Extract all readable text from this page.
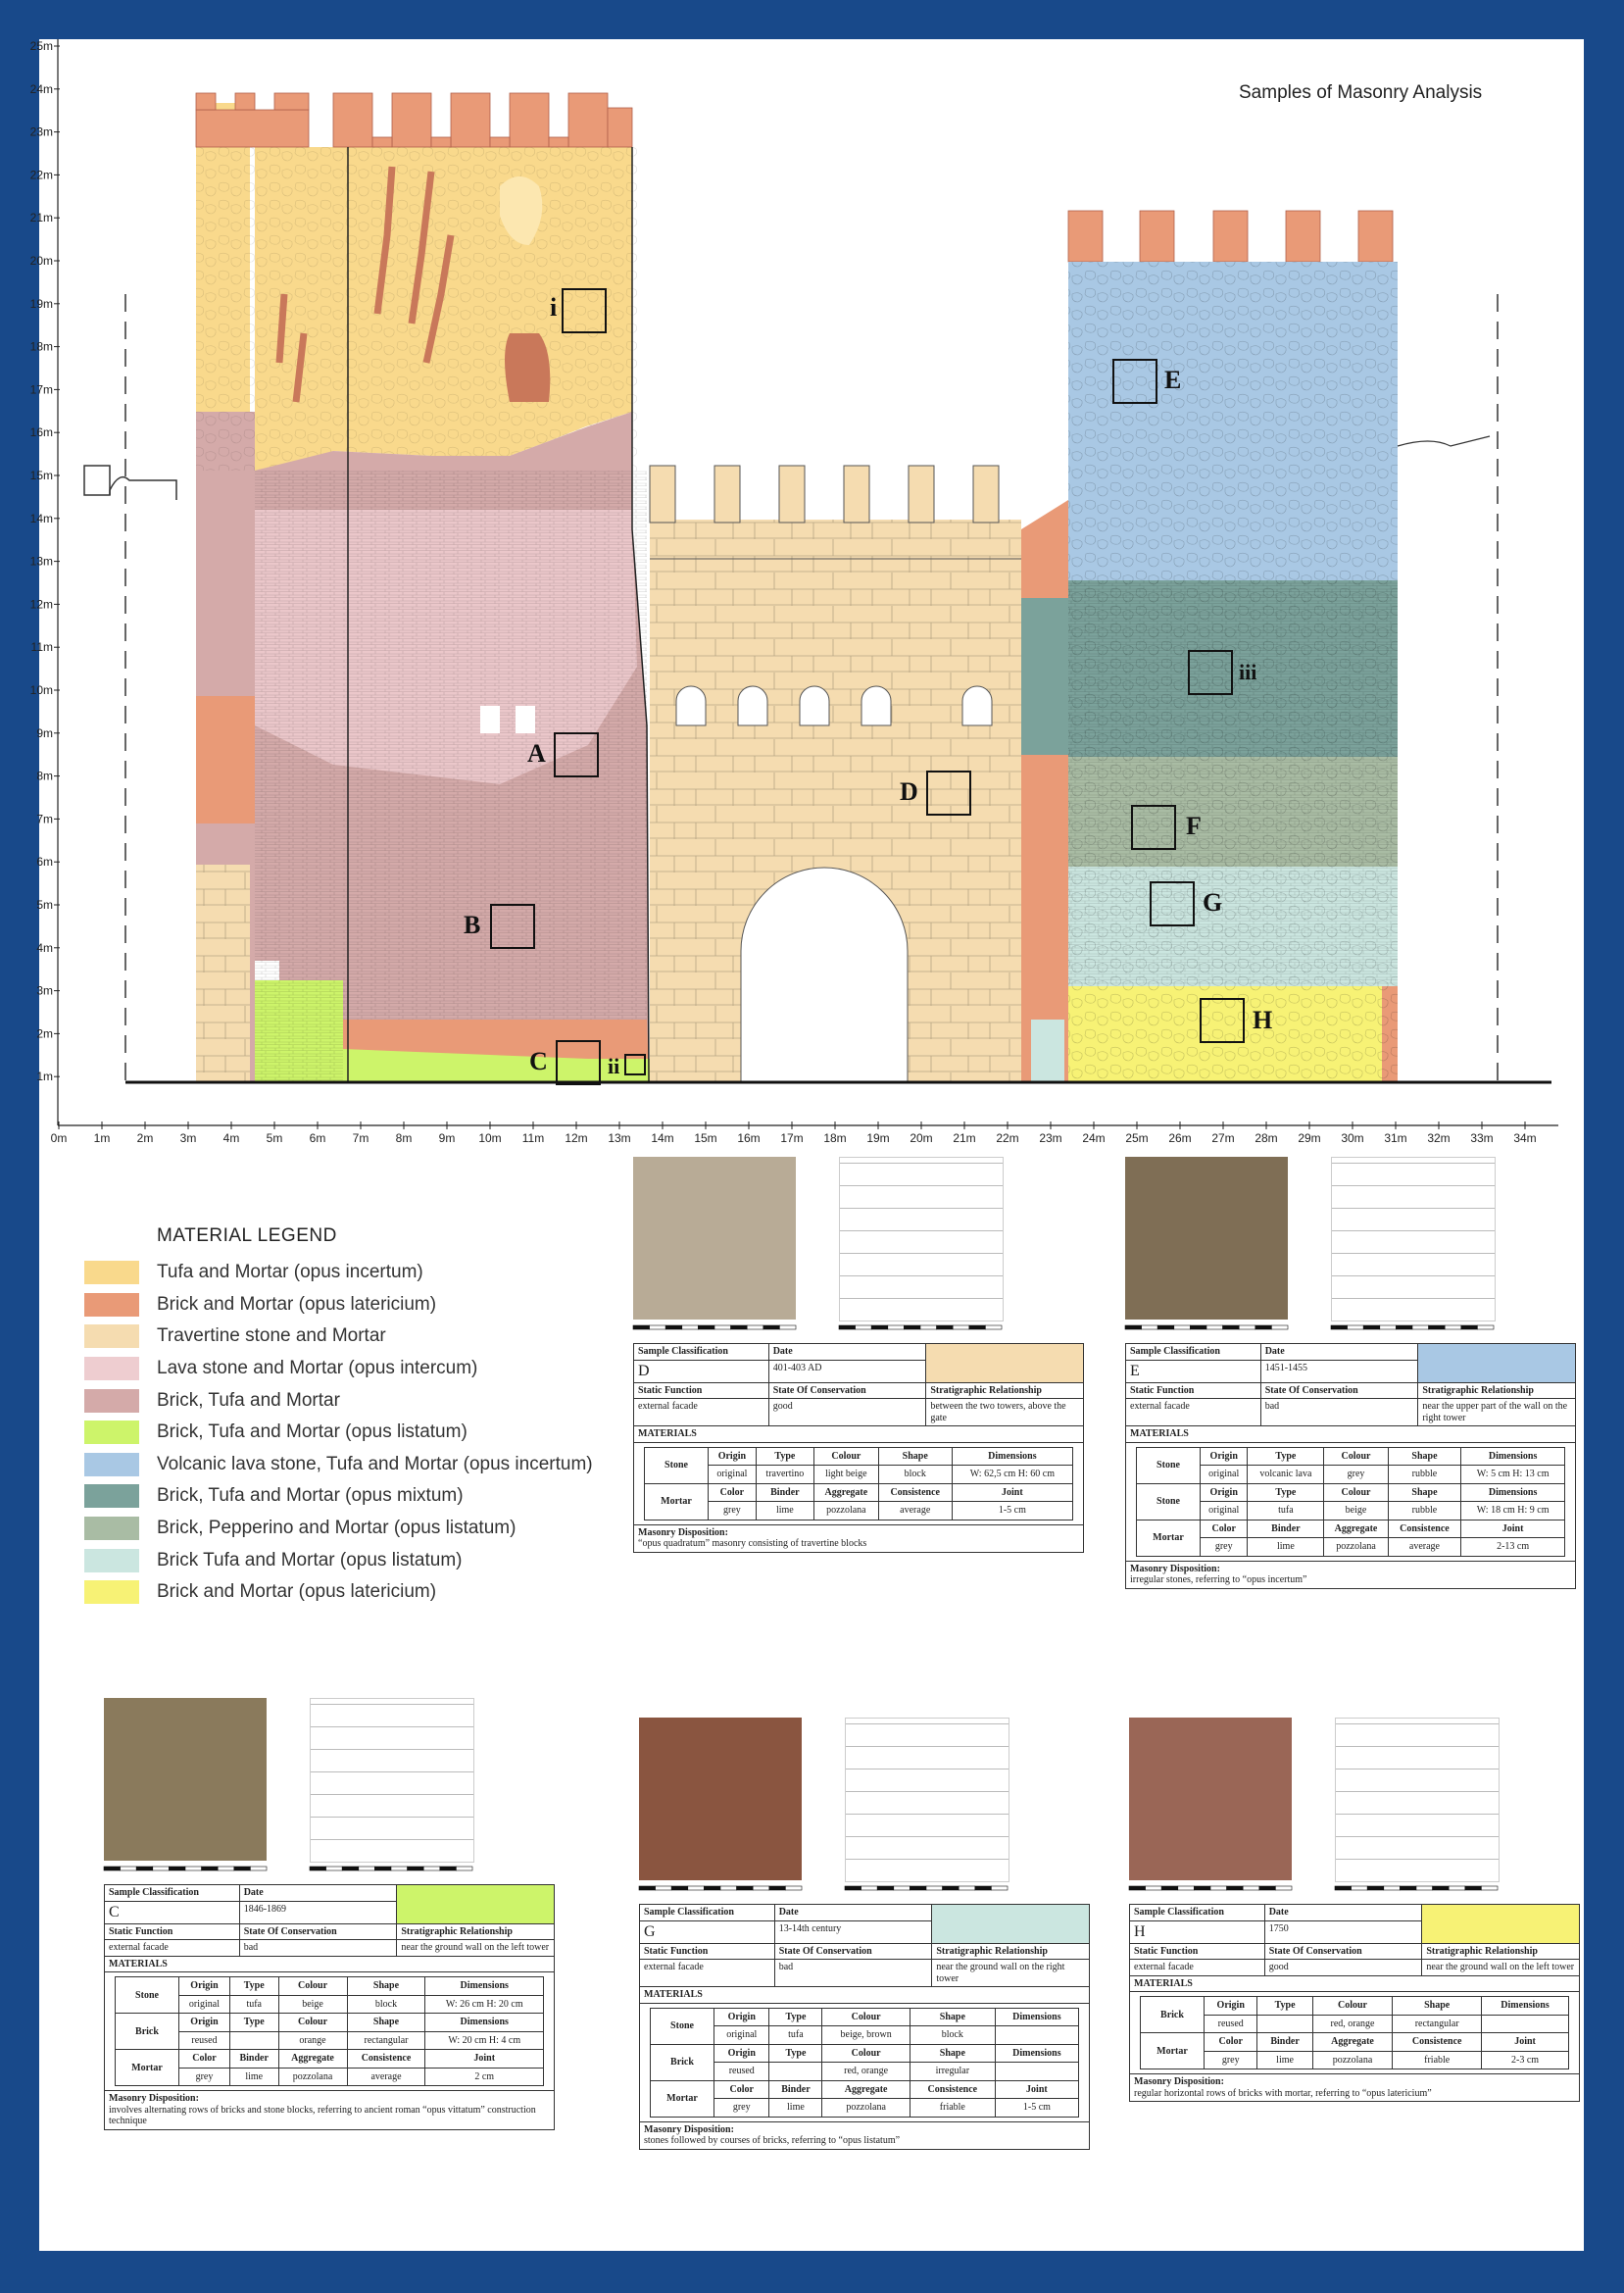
Samples of Masonry Analysis
25m
24m
23m
22m
21m
20m
19m
18m
17m
16m
15m
14m
13m
12m
11m
10m
9m
8m
7m
6m
5m
4m
3m
2m
1m
0m 1m 2m 3m 4m 5m 6m 7m 8m 9m 10m 11m 12m 13m 14m 15m 16m 17m 18m 19m 20m 21m 22m 23m 24m 25m 26m 27m 28m 29m 30m 31m 32m 33m 34m
i
A
B
C	ii
D
E
iii
F
G
H
MATERIAL LEGEND
Tufa and Mortar (opus incertum)
Brick and Mortar (opus latericium)
Travertine stone and Mortar
Lava stone and Mortar (opus intercum)
Brick, Tufa and Mortar
Brick, Tufa and Mortar (opus listatum)
Volcanic lava stone, Tufa and Mortar (opus incertum)
Brick, Tufa and Mortar (opus mixtum)
Brick, Pepperino and Mortar (opus listatum)
Brick Tufa and Mortar (opus listatum)
Brick and Mortar (opus latericium)
Sample Classification	Date	
D	401-403 AD
Static Function	State Of Conservation	Stratigraphic Relationship
external facade	good	between the two towers, above the gate
MATERIALS

Stone	Origin	Type	Colour	Shape	Dimensions
original	travertino	light beige	block	W: 62,5 cm H: 60 cm
Mortar	Color	Binder	Aggregate	Consistence	Joint
grey	lime	pozzolana	average	1-5 cm

Masonry Disposition:
“opus quadratum” masonry consisting of travertine blocks
Sample Classification	Date	
E	1451-1455
Static Function	State Of Conservation	Stratigraphic Relationship
external facade	bad	near the upper part of the wall on the right tower
MATERIALS

Stone	Origin	Type	Colour	Shape	Dimensions
original	volcanic lava	grey	rubble	W: 5 cm H: 13 cm
Stone	Origin	Type	Colour	Shape	Dimensions
original	tufa	beige	rubble	W: 18 cm H: 9 cm
Mortar	Color	Binder	Aggregate	Consistence	Joint
grey	lime	pozzolana	average	2-13 cm

Masonry Disposition:
irregular stones, referring to “opus incertum”
Sample Classification	Date	
C	1846-1869
Static Function	State Of Conservation	Stratigraphic Relationship
external facade	bad	near the ground wall on the left tower
MATERIALS

Stone	Origin	Type	Colour	Shape	Dimensions
original	tufa	beige	block	W: 26 cm H: 20 cm
Brick	Origin	Type	Colour	Shape	Dimensions
reused		orange	rectangular	W: 20 cm H: 4 cm
Mortar	Color	Binder	Aggregate	Consistence	Joint
grey	lime	pozzolana	average	2 cm

Masonry Disposition:
involves alternating rows of bricks and stone blocks, referring to ancient roman “opus vittatum” construction technique
Sample Classification	Date	
G	13-14th century
Static Function	State Of Conservation	Stratigraphic Relationship
external facade	bad	near the ground wall on the right tower
MATERIALS

Stone	Origin	Type	Colour	Shape	Dimensions
original	tufa	beige, brown	block	
Brick	Origin	Type	Colour	Shape	Dimensions
reused		red, orange	irregular	
Mortar	Color	Binder	Aggregate	Consistence	Joint
grey	lime	pozzolana	friable	1-5 cm

Masonry Disposition:
stones followed by courses of bricks, referring to “opus listatum”
Sample Classification	Date	
H	1750
Static Function	State Of Conservation	Stratigraphic Relationship
external facade	good	near the ground wall on the left tower
MATERIALS

Brick	Origin	Type	Colour	Shape	Dimensions
reused		red, orange	rectangular	
Mortar	Color	Binder	Aggregate	Consistence	Joint
grey	lime	pozzolana	friable	2-3 cm

Masonry Disposition:
regular horizontal rows of bricks with mortar, referring to “opus latericium”
